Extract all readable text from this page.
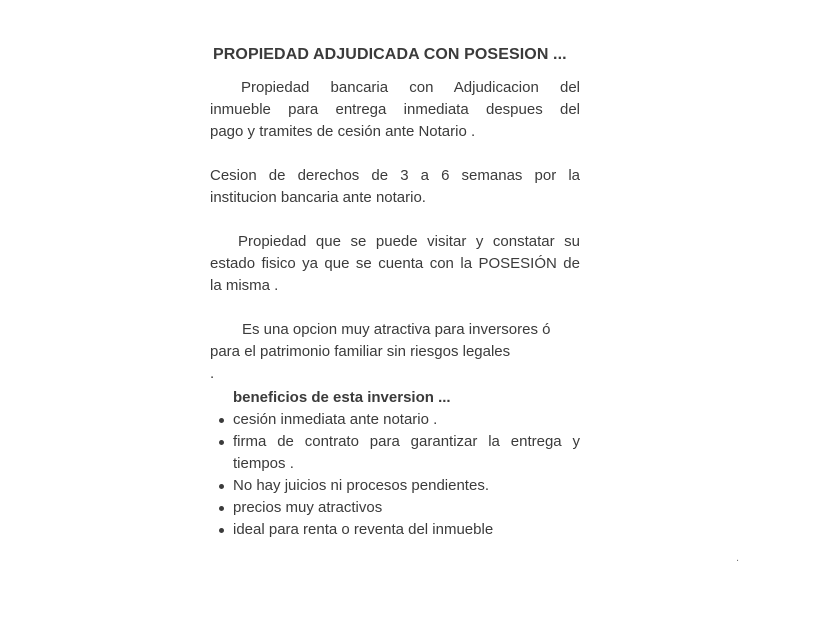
PROPIEDAD ADJUDICADA CON POSESION ...
Propiedad bancaria con Adjudicacion del
inmueble para entrega inmediata despues del
pago y tramites de cesión ante Notario .
Cesion de derechos de 3 a 6 semanas por la
institucion bancaria ante notario.
Propiedad que se puede visitar y constatar su
estado fisico ya que se cuenta con la POSESIÓN de
la misma .
Es una opcion muy atractiva para inversores ó
para el patrimonio familiar sin riesgos legales
.
beneficios de esta inversion ...
cesión inmediata ante notario .
firma de contrato para garantizar la entrega y
tiempos .
No hay juicios ni procesos pendientes.
precios muy atractivos
ideal para renta o reventa del inmueble
.
